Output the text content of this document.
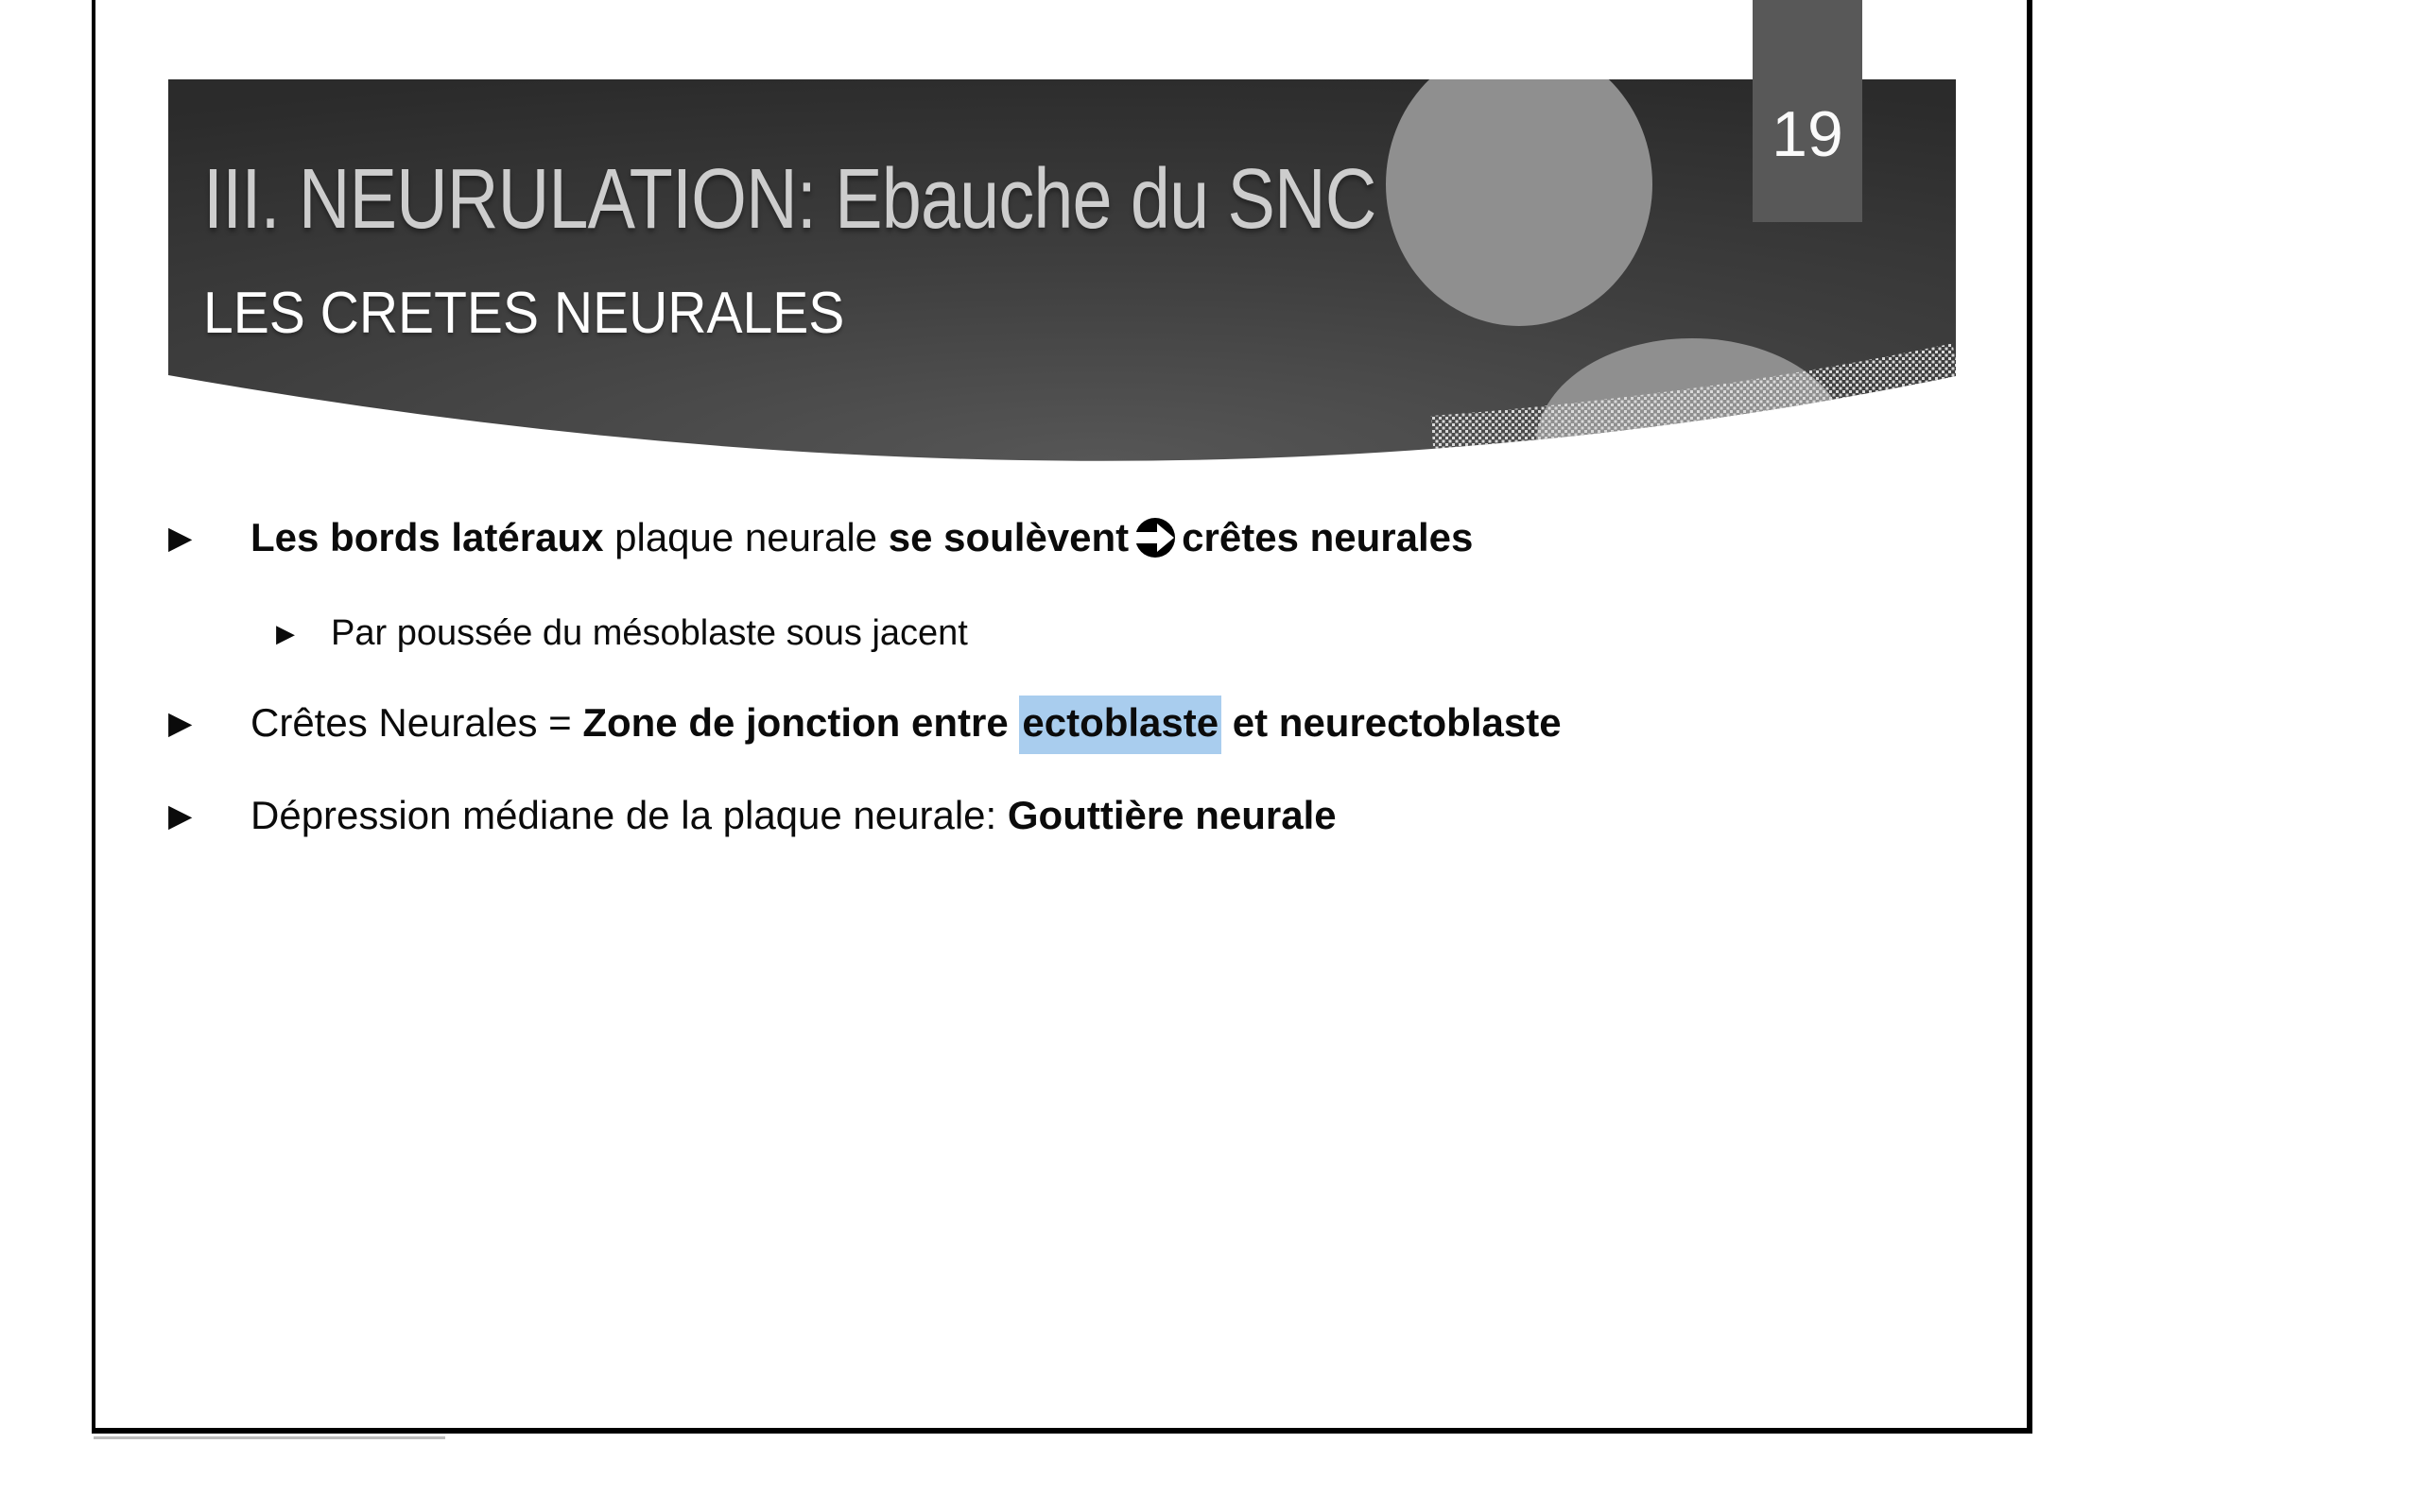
19
III. NEURULATION: Ebauche du SNC
LES CRETES NEURALES
▶	Les bords latéraux plaque neurale se soulèvent crêtes neurales
▶	Par poussée du mésoblaste sous jacent
▶	Crêtes Neurales = Zone de jonction entre ectoblaste et neurectoblaste
▶	Dépression médiane de la plaque neurale: Gouttière neurale
